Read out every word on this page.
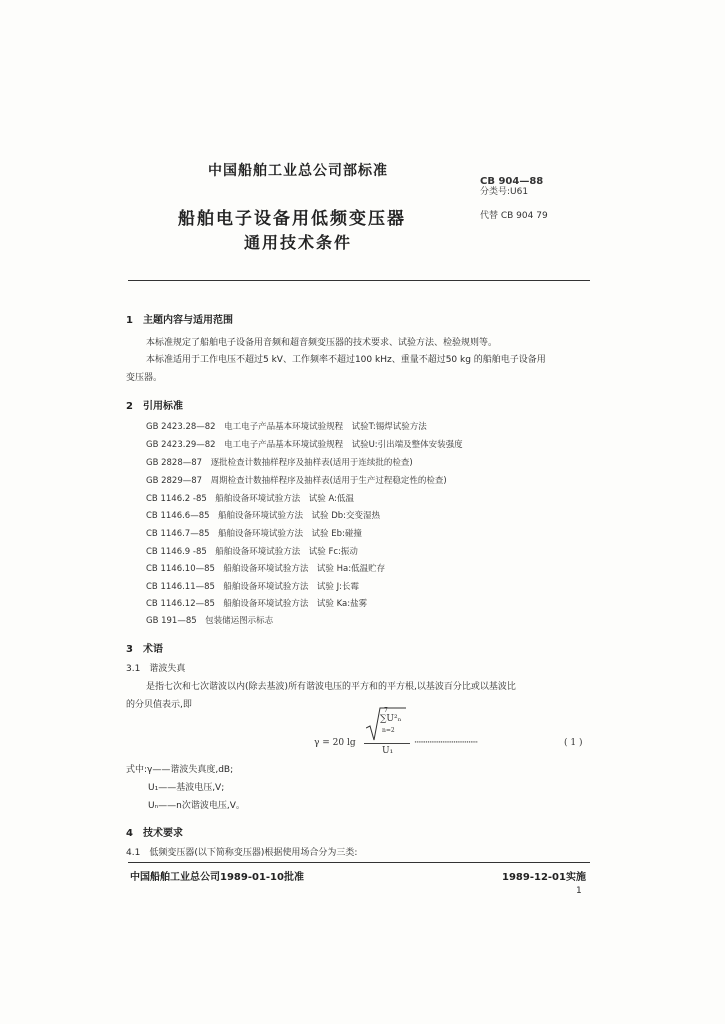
中国船舶工业总公司部标准
CB 904—88
分类号:U61
船舶电子设备用低频变压器	代替 CB 904 79
通用技术条件
1　主题内容与适用范围
本标准规定了船舶电子设备用音频和超音频变压器的技术要求、试验方法、检验规则等。
本标准适用于工作电压不超过5 kV、工作频率不超过100 kHz、重量不超过50 kg 的船舶电子设备用
变压器。
2　引用标准
GB 2423.28—82　电工电子产品基本环境试验规程　试验T:锡焊试验方法
GB 2423.29—82　电工电子产品基本环境试验规程　试验U:引出端及整体安装强度
GB 2828—87　逐批检查计数抽样程序及抽样表(适用于连续批的检查)
GB 2829—87　周期检查计数抽样程序及抽样表(适用于生产过程稳定性的检查)
CB 1146.2 -85　船舶设备环境试验方法　试验 A:低温
CB 1146.6—85　船舶设备环境试验方法　试验 Db:交变湿热
CB 1146.7—85　船舶设备环境试验方法　试验 Eb:碰撞
CB 1146.9 -85　船舶设备环境试验方法　试验 Fc:振动
CB 1146.10—85　船舶设备环境试验方法　试验 Ha:低温贮存
CB 1146.11—85　船舶设备环境试验方法　试验 J:长霉
CB 1146.12—85　船舶设备环境试验方法　试验 Ka:盐雾
GB 191—85　包装储运图示标志
3　术语
3.1　谐波失真
是指七次和七次谐波以内(除去基波)所有谐波电压的平方和的平方根,以基波百分比或以基波比
的分贝值表示,即
γ = 20 lg
7
∑U²ₙ
n=2
U₁
··································	( 1 )
式中:γ——谐波失真度,dB;
U₁——基波电压,V;
Uₙ——n次谐波电压,V。
4　技术要求
4.1　低频变压器(以下简称变压器)根据使用场合分为三类:
中国船舶工业总公司1989-01-10批准	1989-12-01实施
1
